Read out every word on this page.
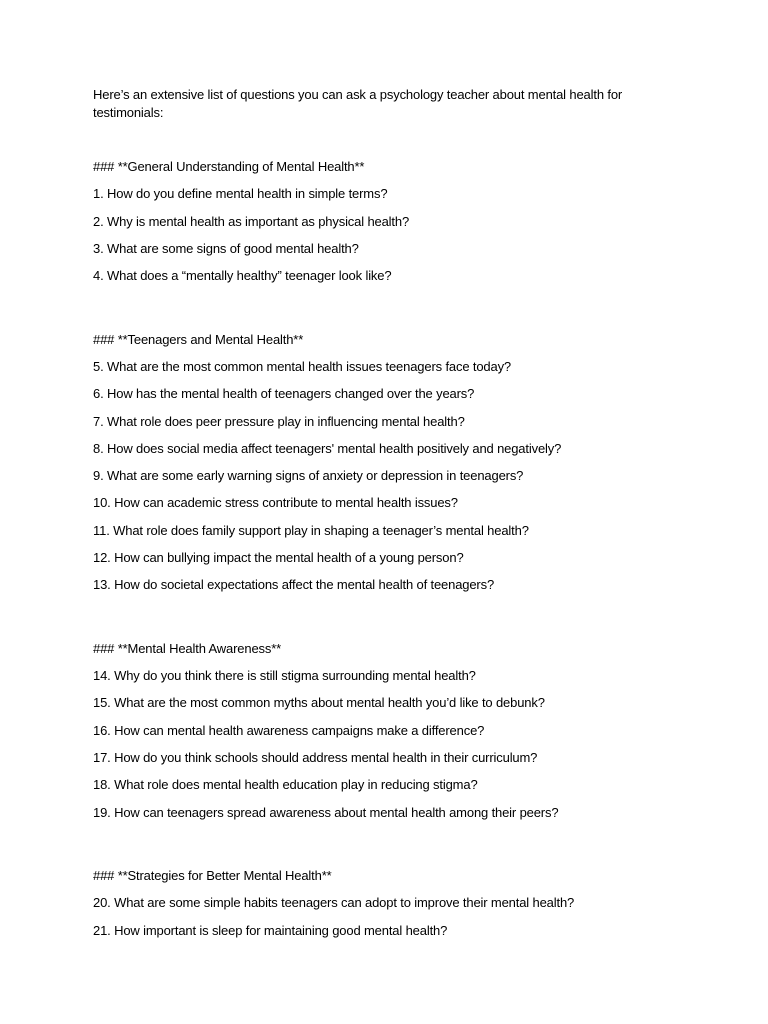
Here’s an extensive list of questions you can ask a psychology teacher about mental health for testimonials:

### **General Understanding of Mental Health**

1. How do you define mental health in simple terms?

2. Why is mental health as important as physical health?

3. What are some signs of good mental health?

4. What does a “mentally healthy” teenager look like?

### **Teenagers and Mental Health**

5. What are the most common mental health issues teenagers face today?

6. How has the mental health of teenagers changed over the years?

7. What role does peer pressure play in influencing mental health?

8. How does social media affect teenagers' mental health positively and negatively?

9. What are some early warning signs of anxiety or depression in teenagers?

10. How can academic stress contribute to mental health issues?

11. What role does family support play in shaping a teenager’s mental health?

12. How can bullying impact the mental health of a young person?

13. How do societal expectations affect the mental health of teenagers?

### **Mental Health Awareness**

14. Why do you think there is still stigma surrounding mental health?

15. What are the most common myths about mental health you’d like to debunk?

16. How can mental health awareness campaigns make a difference?

17. How do you think schools should address mental health in their curriculum?

18. What role does mental health education play in reducing stigma?

19. How can teenagers spread awareness about mental health among their peers?

### **Strategies for Better Mental Health**

20. What are some simple habits teenagers can adopt to improve their mental health?

21. How important is sleep for maintaining good mental health?
